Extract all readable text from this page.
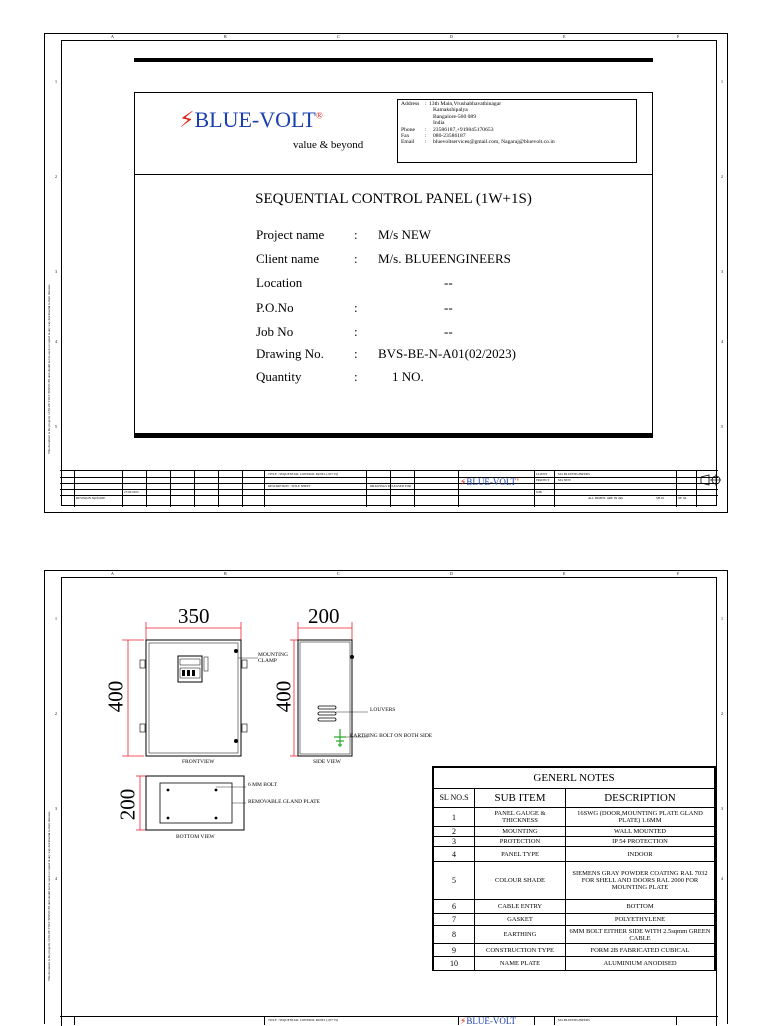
A	B	C	D	E	F
1
2
3
4
5
1
2
3
4
5
This document is the property of BLUE VOLT SERVICES and should not be used or copied in any way detrimental to their interests
⚡︎BLUE-VOLT®
value & beyond
Address	: 13th Main,Vrushabhavathinagar
Kamakshipalya
Bangalore-560 089
India
Phone	:	23586187,+919845170653
Fax	:	080-23586187
Email	:	bluevoltservices@gmail.com, Nagaraj@bluevolt.co.in
SEQUENTIAL CONTROL PANEL (1W+1S)
Project name	:	M/s NEW
Client name	:	M/s. BLUEENGINEERS
Location	--
P.O.No	:	--
Job No	:	--
Drawing No.	:	BVS-BE-N-A01(02/2023)
Quantity	:	1 NO.
TITLE : SEQUENTIAL CONTROL PANEL (1W+1S)
DESCRIPTION : TITLE SHEET	DRAWINGS RELEASED FOR
REVISION NO/DATE
27/02/2023
CLIENT	M/s BLUEENGINEERS
PROJECT	M/s NEW
JOB
ALL DIMEN. ARE IN mm	SH 01	OF 04
⚡︎BLUE-VOLT®
A	B	C	D	E	F
1
2
3
4
1
2
3
4
This document is the property of BLUE VOLT SERVICES and should not be used or copied in any way detrimental to their interests
350	200
400	400
200
MOUNTING
CLAMP
LOUVERS
EARTHING BOLT ON BOTH SIDE
FRONTVIEW	SIDE VIEW
6 MM BOLT
REMOVABLE GLAND PLATE
BOTTOM VIEW
GENERL NOTES		
SL NO.S	SUB ITEM	DESCRIPTION
1	PANEL GAUGE & THICKNESS	16SWG (DOOR,MOUNTING PLATE GLAND PLATE) 1.6MM
2	MOUNTING	WALL MOUNTED
3	PROTECTION	IP 54 PROTECTION
4	PANEL TYPE	INDOOR
5	COLOUR SHADE	SIEMENS GRAY POWDER COATING RAL 7032 FOR SHELL AND DOORS RAL 2000 FOR MOUNTING PLATE
6	CABLE ENTRY	BOTTOM
7	GASKET	POLYETHYLENE
8	EARTHING	6MM BOLT EITHER SIDE WITH 2.5sqmm GREEN CABLE
9	CONSTRUCTION TYPE	FORM 2B FABRICATED CUBICAL
10	NAME PLATE	ALUMINIUM ANODISED
TITLE : SEQUENTIAL CONTROL PANEL (1W+1S)	M/s BLUEENGINEERS
⚡︎BLUE-VOLT
